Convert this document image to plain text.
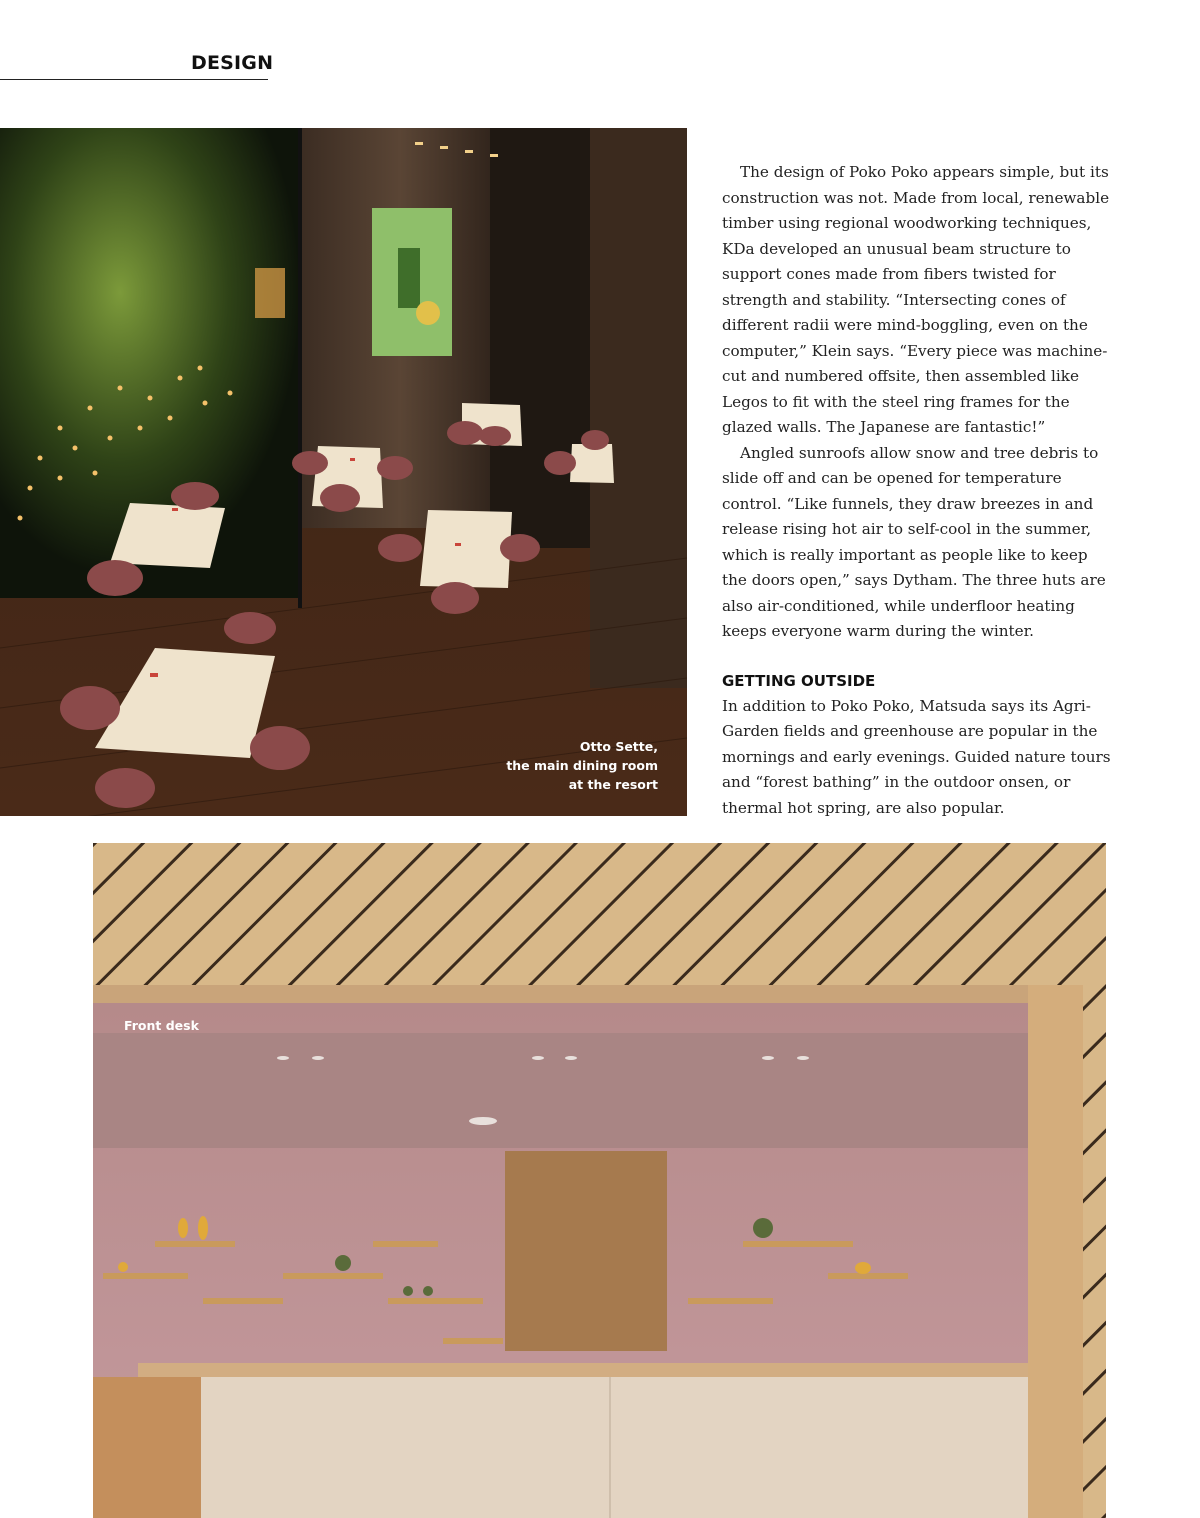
DESIGN
Otto Sette,
the main dining room
at the resort

The design of Poko Poko appears simple, but its construction was not. Made from local, renewable timber using regional woodworking techniques, KDa developed an unusual beam structure to support cones made from fibers twisted for strength and stability. “Intersecting cones of different radii were mind-boggling, even on the computer,” Klein says. “Every piece was machine-cut and numbered offsite, then assembled like Legos to fit with the steel ring frames for the glazed walls. The Japanese are fantastic!”

Angled sunroofs allow snow and tree debris to slide off and can be opened for temperature control. “Like funnels, they draw breezes in and release rising hot air to self-cool in the summer, which is really important as people like to keep the doors open,” says Dytham. The three huts are also air-conditioned, while underfloor heating keeps everyone warm during the winter.

GETTING OUTSIDE

In addition to Poko Poko, Matsuda says its Agri-Garden fields and greenhouse are popular in the mornings and early evenings. Guided nature tours and “forest bathing” in the outdoor onsen, or thermal hot spring, are also popular.

Front desk
